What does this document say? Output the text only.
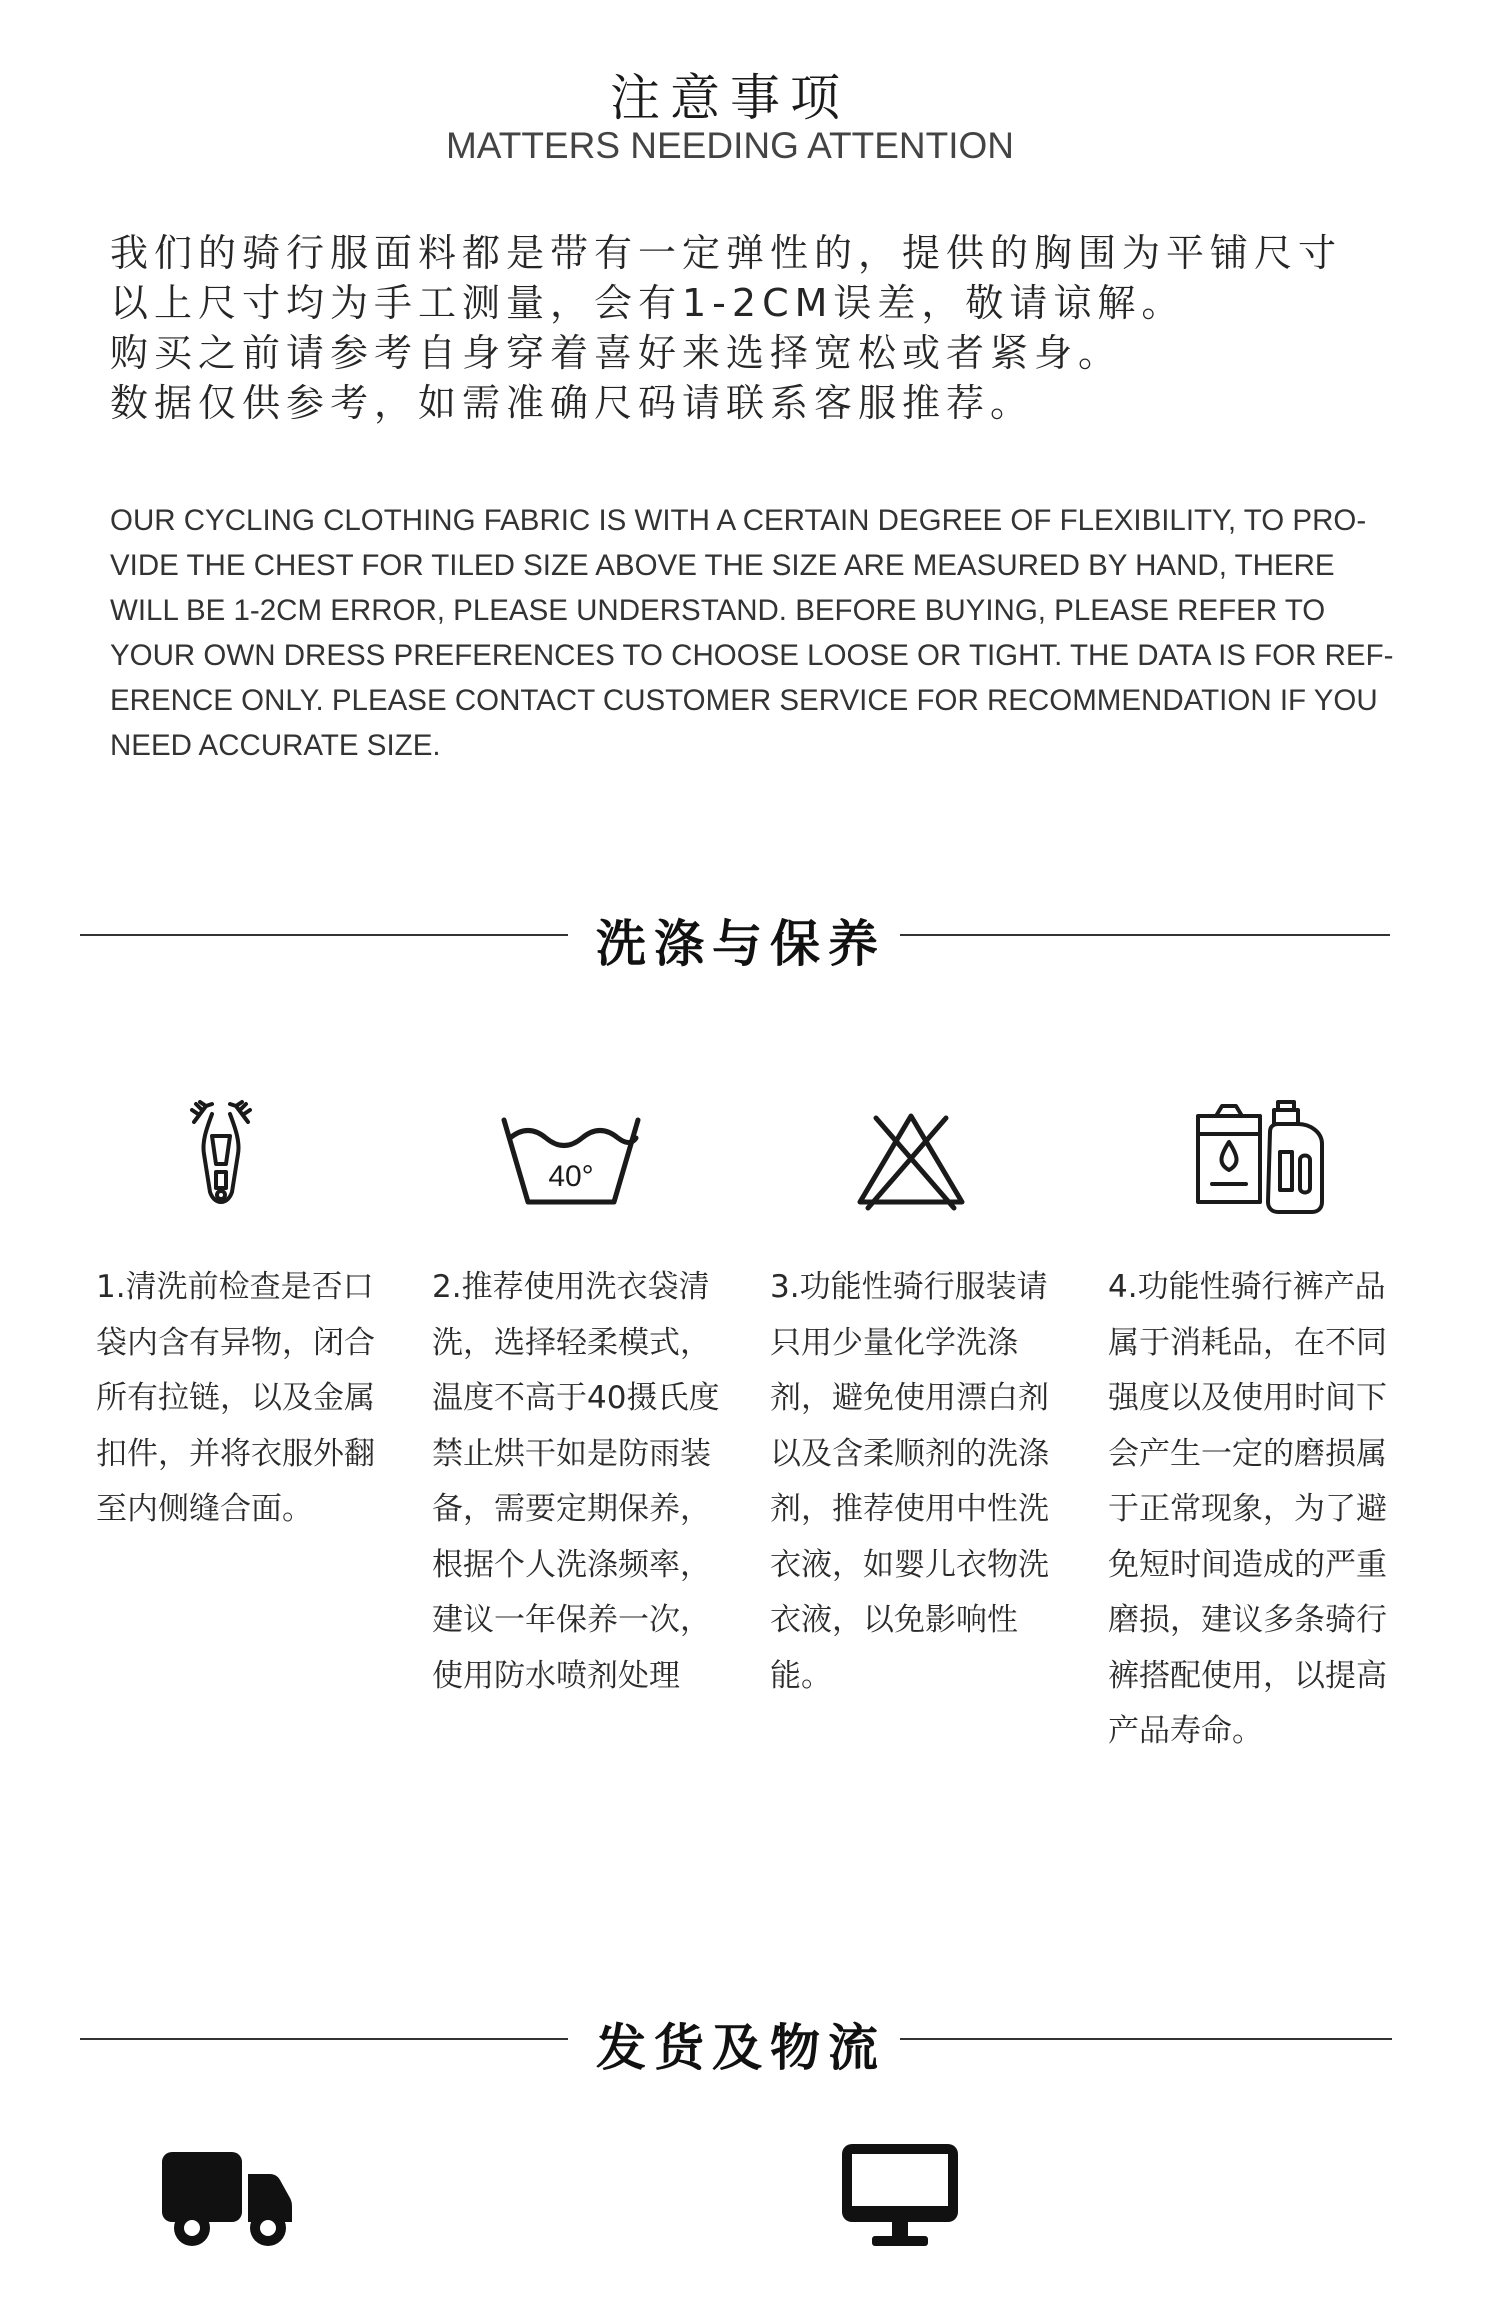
注意事项
MATTERS NEEDING ATTENTION
我们的骑行服面料都是带有一定弹性的，提供的胸围为平铺尺寸
以上尺寸均为手工测量，会有1-2CM误差，敬请谅解。
购买之前请参考自身穿着喜好来选择宽松或者紧身。
数据仅供参考，如需准确尺码请联系客服推荐。
OUR CYCLING CLOTHING FABRIC IS WITH A CERTAIN DEGREE OF FLEXIBILITY, TO PRO-
VIDE THE CHEST FOR TILED SIZE ABOVE THE SIZE ARE MEASURED BY HAND, THERE
WILL BE 1-2CM ERROR, PLEASE UNDERSTAND. BEFORE BUYING, PLEASE REFER TO
YOUR OWN DRESS PREFERENCES TO CHOOSE LOOSE OR TIGHT. THE DATA IS FOR REF-
ERENCE ONLY. PLEASE CONTACT CUSTOMER SERVICE FOR RECOMMENDATION IF YOU
NEED ACCURATE SIZE.
洗涤与保养
40°
1.清洗前检查是否口袋内含有异物，闭合所有拉链，以及金属扣件，并将衣服外翻至内侧缝合面。
2.推荐使用洗衣袋清洗，选择轻柔模式，温度不高于40摄氏度禁止烘干如是防雨装备，需要定期保养，根据个人洗涤频率，建议一年保养一次，使用防水喷剂处理
3.功能性骑行服装请只用少量化学洗涤剂，避免使用漂白剂以及含柔顺剂的洗涤剂，推荐使用中性洗衣液，如婴儿衣物洗衣液，以免影响性能。
4.功能性骑行裤产品属于消耗品，在不同强度以及使用时间下会产生一定的磨损属于正常现象，为了避免短时间造成的严重磨损，建议多条骑行裤搭配使用，以提高产品寿命。
发货及物流
